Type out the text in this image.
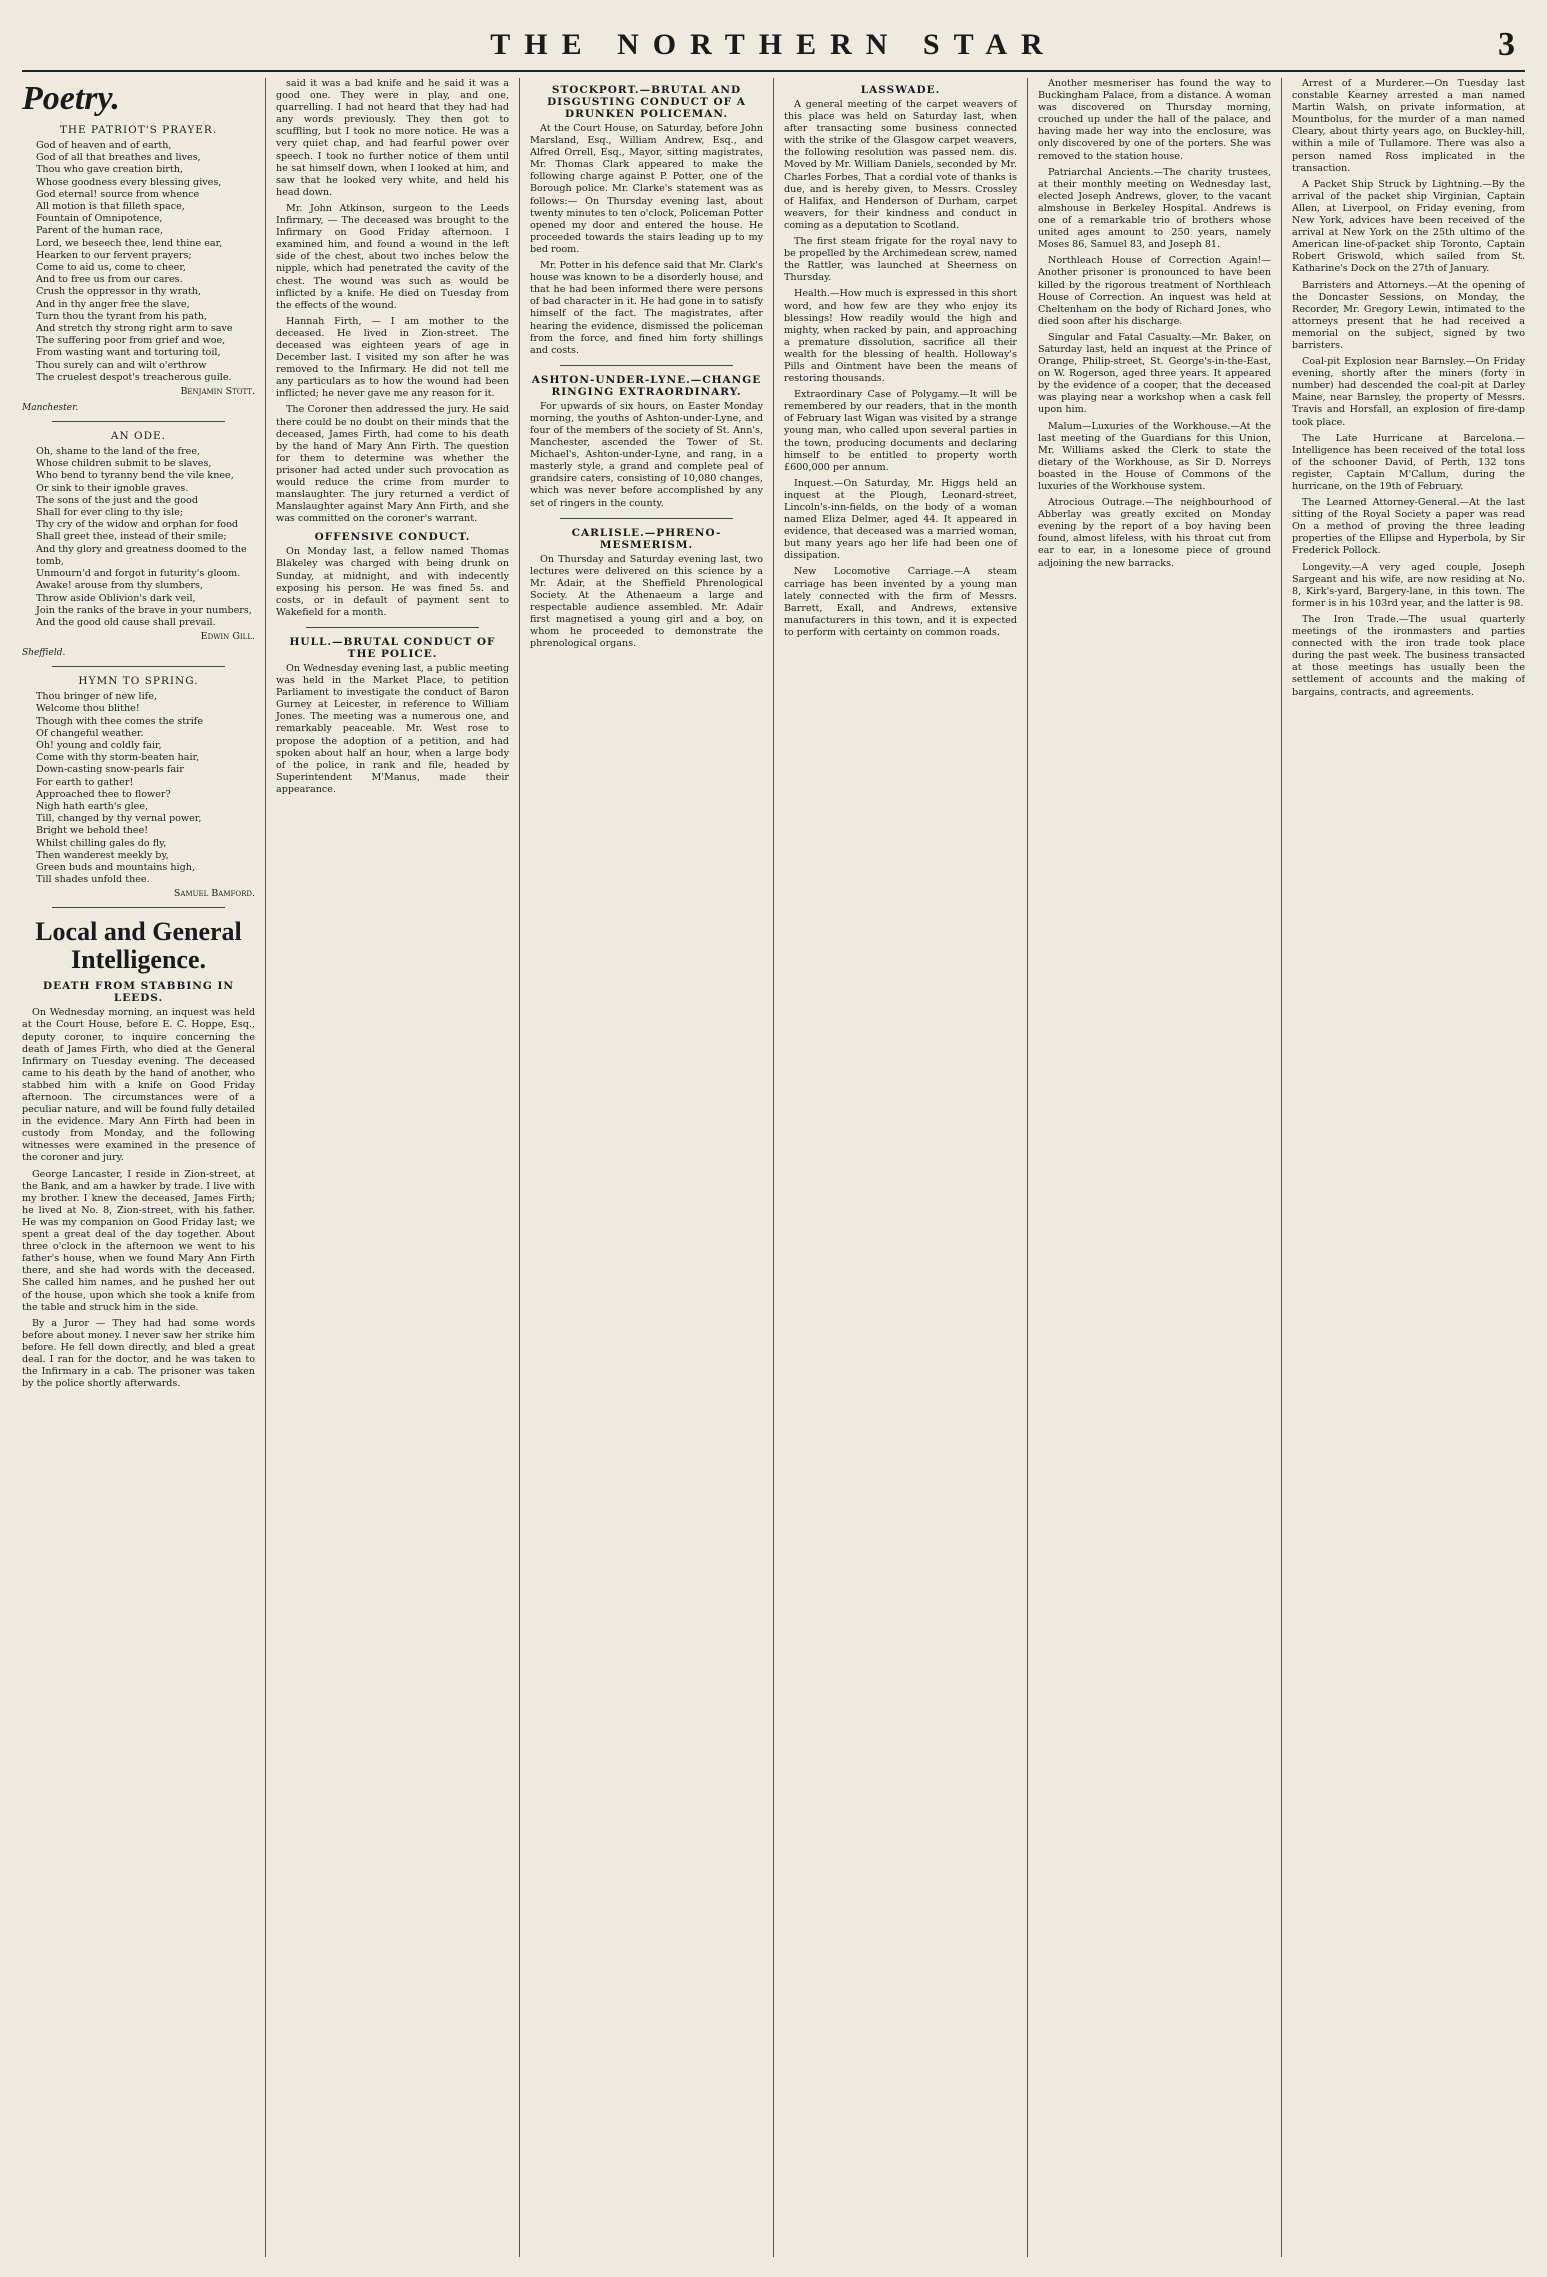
THE NORTHERN STAR	3
Poetry.
THE PATRIOT'S PRAYER.
God of heaven and of earth,
God of all that breathes and lives,
Thou who gave creation birth,
Whose goodness every blessing gives,
God eternal! source from whence
All motion is that filleth space,
Fountain of Omnipotence,
Parent of the human race,
Lord, we beseech thee, lend thine ear,
Hearken to our fervent prayers;
Come to aid us, come to cheer,
And to free us from our cares.
Crush the oppressor in thy wrath,
And in thy anger free the slave,
Turn thou the tyrant from his path,
And stretch thy strong right arm to save
The suffering poor from grief and woe,
From wasting want and torturing toil,
Thou surely can and wilt o'erthrow
The cruelest despot's treacherous guile.
Benjamin Stott.
Manchester.
AN ODE.
Oh, shame to the land of the free,
Whose children submit to be slaves,
Who bend to tyranny bend the vile knee,
Or sink to their ignoble graves.
The sons of the just and the good
Shall for ever cling to thy isle;
Thy cry of the widow and orphan for food
Shall greet thee, instead of their smile;
And thy glory and greatness doomed to the tomb,
Unmourn'd and forgot in futurity's gloom.
Awake! arouse from thy slumbers,
Throw aside Oblivion's dark veil,
Join the ranks of the brave in your numbers,
And the good old cause shall prevail.
Edwin Gill.
Sheffield.
HYMN TO SPRING.
Thou bringer of new life,
Welcome thou blithe!
Though with thee comes the strife
Of changeful weather.
Oh! young and coldly fair,
Come with thy storm-beaten hair,
Down-casting snow-pearls fair
For earth to gather!
Approached thee to flower?
Nigh hath earth's glee,
Till, changed by thy vernal power,
Bright we behold thee!
Whilst chilling gales do fly,
Then wanderest meekly by,
Green buds and mountains high,
Till shades unfold thee.
Samuel Bamford.
Local and General Intelligence.
DEATH FROM STABBING IN LEEDS.

On Wednesday morning, an inquest was held at the Court House, before E. C. Hoppe, Esq., deputy coroner, to inquire concerning the death of James Firth, who died at the General Infirmary on Tuesday evening. The deceased came to his death by the hand of another, who stabbed him with a knife on Good Friday afternoon. The circumstances were of a peculiar nature, and will be found fully detailed in the evidence. Mary Ann Firth had been in custody from Monday, and the following witnesses were examined in the presence of the coroner and jury.

George Lancaster, I reside in Zion-street, at the Bank, and am a hawker by trade. I live with my brother. I knew the deceased, James Firth; he lived at No. 8, Zion-street, with his father. He was my companion on Good Friday last; we spent a great deal of the day together. About three o'clock in the afternoon we went to his father's house, when we found Mary Ann Firth there, and she had words with the deceased. She called him names, and he pushed her out of the house, upon which she took a knife from the table and struck him in the side.

By a Juror — They had had some words before about money. I never saw her strike him before. He fell down directly, and bled a great deal. I ran for the doctor, and he was taken to the Infirmary in a cab. The prisoner was taken by the police shortly afterwards.

said it was a bad knife and he said it was a good one. They were in play, and one, quarrelling. I had not heard that they had had any words previously. They then got to scuffling, but I took no more notice. He was a very quiet chap, and had fearful power over speech. I took no further notice of them until he sat himself down, when I looked at him, and saw that he looked very white, and held his head down.

Mr. John Atkinson, surgeon to the Leeds Infirmary, — The deceased was brought to the Infirmary on Good Friday afternoon. I examined him, and found a wound in the left side of the chest, about two inches below the nipple, which had penetrated the cavity of the chest. The wound was such as would be inflicted by a knife. He died on Tuesday from the effects of the wound.

Hannah Firth, — I am mother to the deceased. He lived in Zion-street. The deceased was eighteen years of age in December last. I visited my son after he was removed to the Infirmary. He did not tell me any particulars as to how the wound had been inflicted; he never gave me any reason for it.

The Coroner then addressed the jury. He said there could be no doubt on their minds that the deceased, James Firth, had come to his death by the hand of Mary Ann Firth. The question for them to determine was whether the prisoner had acted under such provocation as would reduce the crime from murder to manslaughter. The jury returned a verdict of Manslaughter against Mary Ann Firth, and she was committed on the coroner's warrant.

OFFENSIVE CONDUCT.

On Monday last, a fellow named Thomas Blakeley was charged with being drunk on Sunday, at midnight, and with indecently exposing his person. He was fined 5s. and costs, or in default of payment sent to Wakefield for a month.

HULL.—BRUTAL CONDUCT OF THE POLICE.

On Wednesday evening last, a public meeting was held in the Market Place, to petition Parliament to investigate the conduct of Baron Gurney at Leicester, in reference to William Jones. The meeting was a numerous one, and remarkably peaceable. Mr. West rose to propose the adoption of a petition, and had spoken about half an hour, when a large body of the police, in rank and file, headed by Superintendent M'Manus, made their appearance.

STOCKPORT.—BRUTAL AND DISGUSTING CONDUCT OF A DRUNKEN POLICEMAN.

At the Court House, on Saturday, before John Marsland, Esq., William Andrew, Esq., and Alfred Orrell, Esq., Mayor, sitting magistrates, Mr. Thomas Clark appeared to make the following charge against P. Potter, one of the Borough police. Mr. Clarke's statement was as follows:— On Thursday evening last, about twenty minutes to ten o'clock, Policeman Potter opened my door and entered the house. He proceeded towards the stairs leading up to my bed room.

Mr. Potter in his defence said that Mr. Clark's house was known to be a disorderly house, and that he had been informed there were persons of bad character in it. He had gone in to satisfy himself of the fact. The magistrates, after hearing the evidence, dismissed the policeman from the force, and fined him forty shillings and costs.

ASHTON-UNDER-LYNE.—CHANGE RINGING EXTRAORDINARY.

For upwards of six hours, on Easter Monday morning, the youths of Ashton-under-Lyne, and four of the members of the society of St. Ann's, Manchester, ascended the Tower of St. Michael's, Ashton-under-Lyne, and rang, in a masterly style, a grand and complete peal of grandsire caters, consisting of 10,080 changes, which was never before accomplished by any set of ringers in the county.

CARLISLE.—PHRENO-MESMERISM.

On Thursday and Saturday evening last, two lectures were delivered on this science by a Mr. Adair, at the Sheffield Phrenological Society. At the Athenaeum a large and respectable audience assembled. Mr. Adair first magnetised a young girl and a boy, on whom he proceeded to demonstrate the phrenological organs.

LASSWADE.

A general meeting of the carpet weavers of this place was held on Saturday last, when after transacting some business connected with the strike of the Glasgow carpet weavers, the following resolution was passed nem. dis. Moved by Mr. William Daniels, seconded by Mr. Charles Forbes, That a cordial vote of thanks is due, and is hereby given, to Messrs. Crossley of Halifax, and Henderson of Durham, carpet weavers, for their kindness and conduct in coming as a deputation to Scotland.

The first steam frigate for the royal navy to be propelled by the Archimedean screw, named the Rattler, was launched at Sheerness on Thursday.

Health.—How much is expressed in this short word, and how few are they who enjoy its blessings! How readily would the high and mighty, when racked by pain, and approaching a premature dissolution, sacrifice all their wealth for the blessing of health. Holloway's Pills and Ointment have been the means of restoring thousands.

Extraordinary Case of Polygamy.—It will be remembered by our readers, that in the month of February last Wigan was visited by a strange young man, who called upon several parties in the town, producing documents and declaring himself to be entitled to property worth £600,000 per annum.

Inquest.—On Saturday, Mr. Higgs held an inquest at the Plough, Leonard-street, Lincoln's-inn-fields, on the body of a woman named Eliza Delmer, aged 44. It appeared in evidence, that deceased was a married woman, but many years ago her life had been one of dissipation.

New Locomotive Carriage.—A steam carriage has been invented by a young man lately connected with the firm of Messrs. Barrett, Exall, and Andrews, extensive manufacturers in this town, and it is expected to perform with certainty on common roads.

Another mesmeriser has found the way to Buckingham Palace, from a distance. A woman was discovered on Thursday morning, crouched up under the hall of the palace, and having made her way into the enclosure, was only discovered by one of the porters. She was removed to the station house.

Patriarchal Ancients.—The charity trustees, at their monthly meeting on Wednesday last, elected Joseph Andrews, glover, to the vacant almshouse in Berkeley Hospital. Andrews is one of a remarkable trio of brothers whose united ages amount to 250 years, namely Moses 86, Samuel 83, and Joseph 81.

Northleach House of Correction Again!— Another prisoner is pronounced to have been killed by the rigorous treatment of Northleach House of Correction. An inquest was held at Cheltenham on the body of Richard Jones, who died soon after his discharge.

Singular and Fatal Casualty.—Mr. Baker, on Saturday last, held an inquest at the Prince of Orange, Philip-street, St. George's-in-the-East, on W. Rogerson, aged three years. It appeared by the evidence of a cooper, that the deceased was playing near a workshop when a cask fell upon him.

Malum—Luxuries of the Workhouse.—At the last meeting of the Guardians for this Union, Mr. Williams asked the Clerk to state the dietary of the Workhouse, as Sir D. Norreys boasted in the House of Commons of the luxuries of the Workhouse system.

Atrocious Outrage.—The neighbourhood of Abberlay was greatly excited on Monday evening by the report of a boy having been found, almost lifeless, with his throat cut from ear to ear, in a lonesome piece of ground adjoining the new barracks.

Arrest of a Murderer.—On Tuesday last constable Kearney arrested a man named Martin Walsh, on private information, at Mountbolus, for the murder of a man named Cleary, about thirty years ago, on Buckley-hill, within a mile of Tullamore. There was also a person named Ross implicated in the transaction.

A Packet Ship Struck by Lightning.—By the arrival of the packet ship Virginian, Captain Allen, at Liverpool, on Friday evening, from New York, advices have been received of the arrival at New York on the 25th ultimo of the American line-of-packet ship Toronto, Captain Robert Griswold, which sailed from St. Katharine's Dock on the 27th of January.

Barristers and Attorneys.—At the opening of the Doncaster Sessions, on Monday, the Recorder, Mr. Gregory Lewin, intimated to the attorneys present that he had received a memorial on the subject, signed by two barristers.

Coal-pit Explosion near Barnsley.—On Friday evening, shortly after the miners (forty in number) had descended the coal-pit at Darley Maine, near Barnsley, the property of Messrs. Travis and Horsfall, an explosion of fire-damp took place.

The Late Hurricane at Barcelona.—Intelligence has been received of the total loss of the schooner David, of Perth, 132 tons register, Captain M'Callum, during the hurricane, on the 19th of February.

The Learned Attorney-General.—At the last sitting of the Royal Society a paper was read On a method of proving the three leading properties of the Ellipse and Hyperbola, by Sir Frederick Pollock.

Longevity.—A very aged couple, Joseph Sargeant and his wife, are now residing at No. 8, Kirk's-yard, Bargery-lane, in this town. The former is in his 103rd year, and the latter is 98.

The Iron Trade.—The usual quarterly meetings of the ironmasters and parties connected with the iron trade took place during the past week. The business transacted at those meetings has usually been the settlement of accounts and the making of bargains, contracts, and agreements.
